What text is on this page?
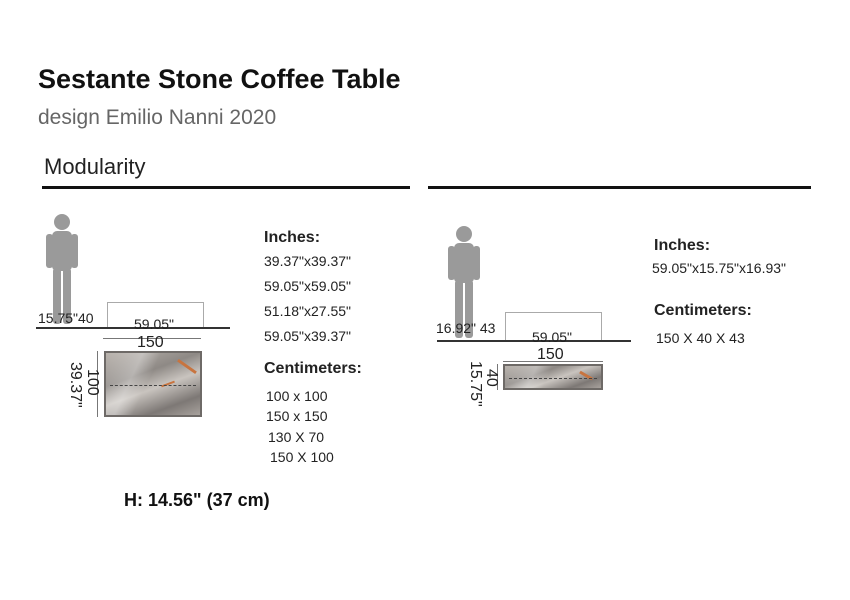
Sestante Stone Coffee Table
design Emilio Nanni 2020
Modularity
15.75"40	59.05"
150
100
39.37"
Inches:
39.37"x39.37"
59.05"x59.05"
51.18"x27.55"
59.05"x39.37"
Centimeters:
100 x 100
150 x 150
130 X 70
150 X 100
H: 14.56" (37 cm)
16.92" 43
59.05"
150
40
15.75"
Inches:
59.05"x15.75"x16.93"
Centimeters:
150 X 40 X 43
